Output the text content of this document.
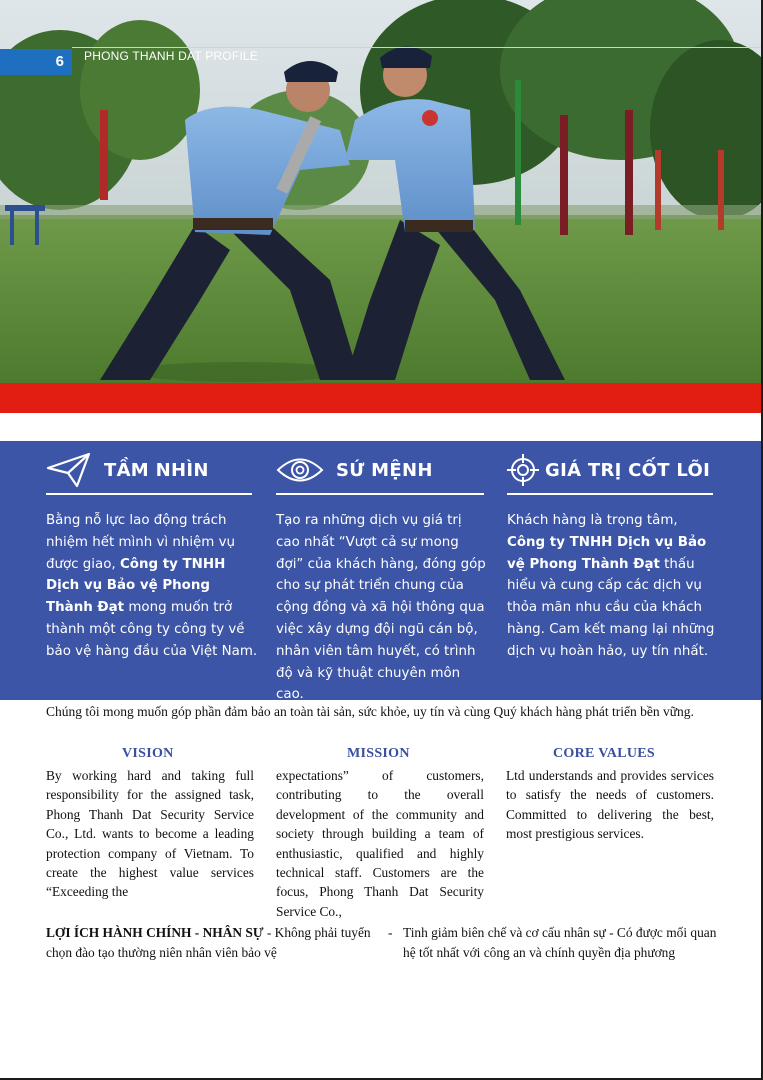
6	PHONG THANH DAT PROFILE
TẦM NHÌN
Bằng nỗ lực lao động trách nhiệm hết mình vì nhiệm vụ được giao, Công ty TNHH Dịch vụ Bảo vệ Phong Thành Đạt mong muốn trở thành một công ty công ty về bảo vệ hàng đầu của Việt Nam.
SỨ MỆNH
Tạo ra những dịch vụ giá trị cao nhất “Vượt cả sự mong đợi” của khách hàng, đóng góp cho sự phát triển chung của cộng đồng và xã hội thông qua việc xây dựng đội ngũ cán bộ, nhân viên tâm huyết, có trình độ và kỹ thuật chuyên môn cao.
GIÁ TRỊ CỐT LÕI
Khách hàng là trọng tâm, Công ty TNHH Dịch vụ Bảo vệ Phong Thành Đạt thấu hiểu và cung cấp các dịch vụ thỏa mãn nhu cầu của khách hàng. Cam kết mang lại những dịch vụ hoàn hảo, uy tín nhất.
Chúng tôi mong muốn góp phần đảm bảo an toàn tài sản, sức khỏe, uy tín và cùng Quý khách hàng phát triển bền vững.
VISION	MISSION	CORE VALUES
By working hard and taking full responsibility for the assigned task, Phong Thanh Dat Security Service Co., Ltd. wants to become a leading protection company of Vietnam. To create the highest value services “Exceeding the
expectations” of customers, contributing to the overall development of the community and society through building a team of enthusiastic, qualified and highly technical staff. Customers are the focus, Phong Thanh Dat Security Service Co.,
Ltd understands and provides services to satisfy the needs of customers. Committed to delivering the best, most prestigious services.
LỢI ÍCH HÀNH CHÍNH - NHÂN SỰ - Không phải tuyển chọn đào tạo thường niên nhân viên bảo vệ
- Tinh giảm biên chế và cơ cấu nhân sự - Có được mối quan hệ tốt nhất với công an và chính quyền địa phương
